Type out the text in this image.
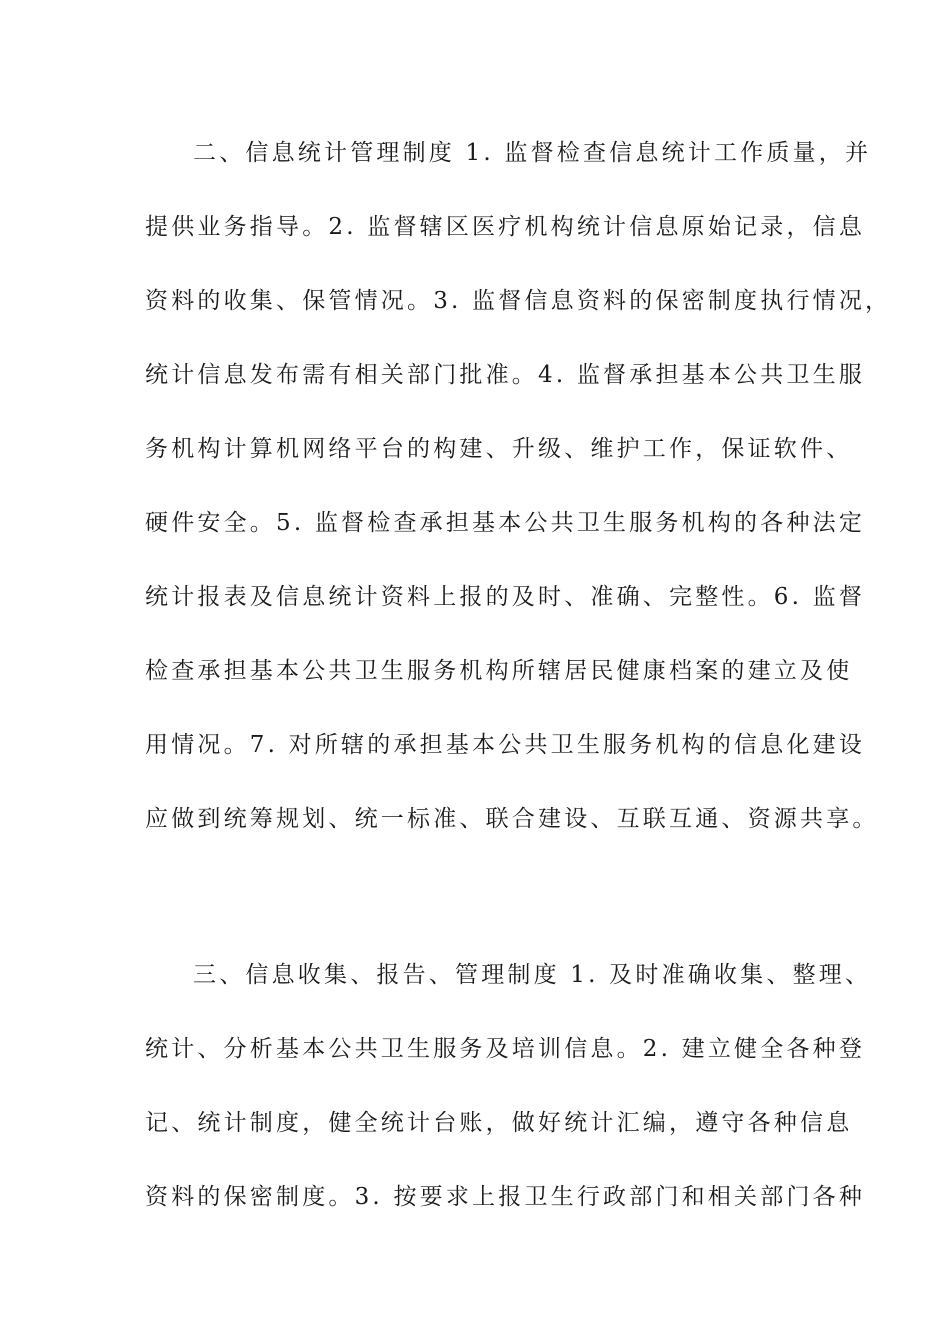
二、信息统计管理制度 1. 监督检查信息统计工作质量，并
提供业务指导。2. 监督辖区医疗机构统计信息原始记录，信息
资料的收集、保管情况。3. 监督信息资料的保密制度执行情况，
统计信息发布需有相关部门批准。4. 监督承担基本公共卫生服
务机构计算机网络平台的构建、升级、维护工作，保证软件、
硬件安全。5. 监督检查承担基本公共卫生服务机构的各种法定
统计报表及信息统计资料上报的及时、准确、完整性。6. 监督
检查承担基本公共卫生服务机构所辖居民健康档案的建立及使
用情况。7. 对所辖的承担基本公共卫生服务机构的信息化建设
应做到统筹规划、统一标准、联合建设、互联互通、资源共享。
三、信息收集、报告、管理制度 1. 及时准确收集、整理、
统计、分析基本公共卫生服务及培训信息。2. 建立健全各种登
记、统计制度，健全统计台账，做好统计汇编，遵守各种信息
资料的保密制度。3. 按要求上报卫生行政部门和相关部门各种
